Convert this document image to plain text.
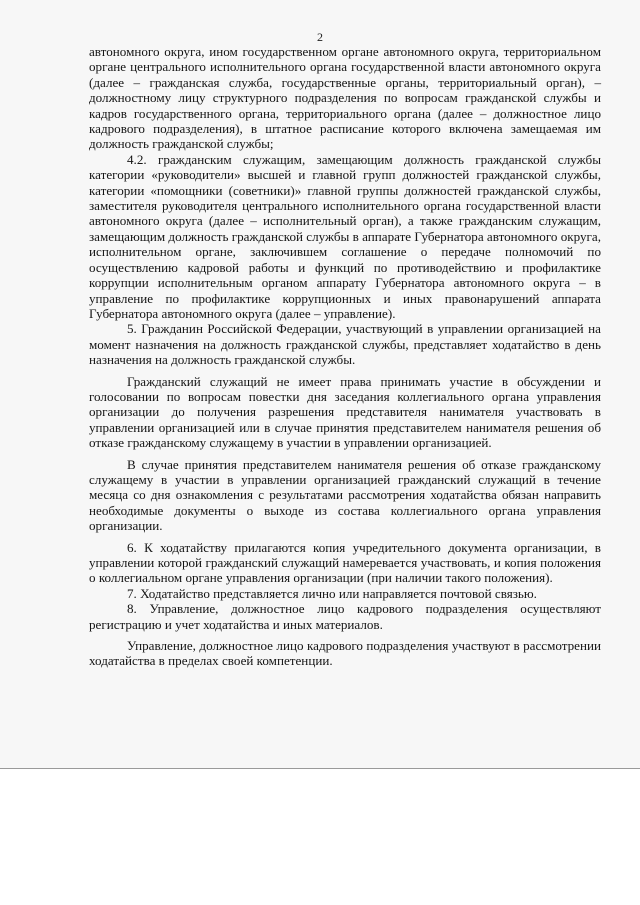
2

автономного округа, ином государственном органе автономного округа, территориальном органе центрального исполнительного органа государственной власти автономного округа (далее – гражданская служба, государственные органы, территориальный орган), – должностному лицу структурного подразделения по вопросам гражданской службы и кадров государственного органа, территориального органа (далее – должностное лицо кадрового подразделения), в штатное расписание которого включена замещаемая им должность гражданской службы;

4.2. гражданским служащим, замещающим должность гражданской службы категории «руководители» высшей и главной групп должностей гражданской службы, категории «помощники (советники)» главной группы должностей гражданской службы, заместителя руководителя центрального исполнительного органа государственной власти автономного округа (далее – исполнительный орган), а также гражданским служащим, замещающим должность гражданской службы в аппарате Губернатора автономного округа, исполнительном органе, заключившем соглашение о передаче полномочий по осуществлению кадровой работы и функций по противодействию и профилактике коррупции исполнительным органом аппарату Губернатора автономного округа – в управление по профилактике коррупционных и иных правонарушений аппарата Губернатора автономного округа (далее – управление).

5. Гражданин Российской Федерации, участвующий в управлении организацией на момент назначения на должность гражданской службы, представляет ходатайство в день назначения на должность гражданской службы.

Гражданский служащий не имеет права принимать участие в обсуждении и голосовании по вопросам повестки дня заседания коллегиального органа управления организации до получения разрешения представителя нанимателя участвовать в управлении организацией или в случае принятия представителем нанимателя решения об отказе гражданскому служащему в участии в управлении организацией.

В случае принятия представителем нанимателя решения об отказе гражданскому служащему в участии в управлении организацией гражданский служащий в течение месяца со дня ознакомления с результатами рассмотрения ходатайства обязан направить необходимые документы о выходе из состава коллегиального органа управления организации.

6. К ходатайству прилагаются копия учредительного документа организации, в управлении которой гражданский служащий намеревается участвовать, и копия положения о коллегиальном органе управления организации (при наличии такого положения).

7. Ходатайство представляется лично или направляется почтовой связью.

8. Управление, должностное лицо кадрового подразделения осуществляют регистрацию и учет ходатайства и иных материалов.

Управление, должностное лицо кадрового подразделения участвуют в рассмотрении ходатайства в пределах своей компетенции.
